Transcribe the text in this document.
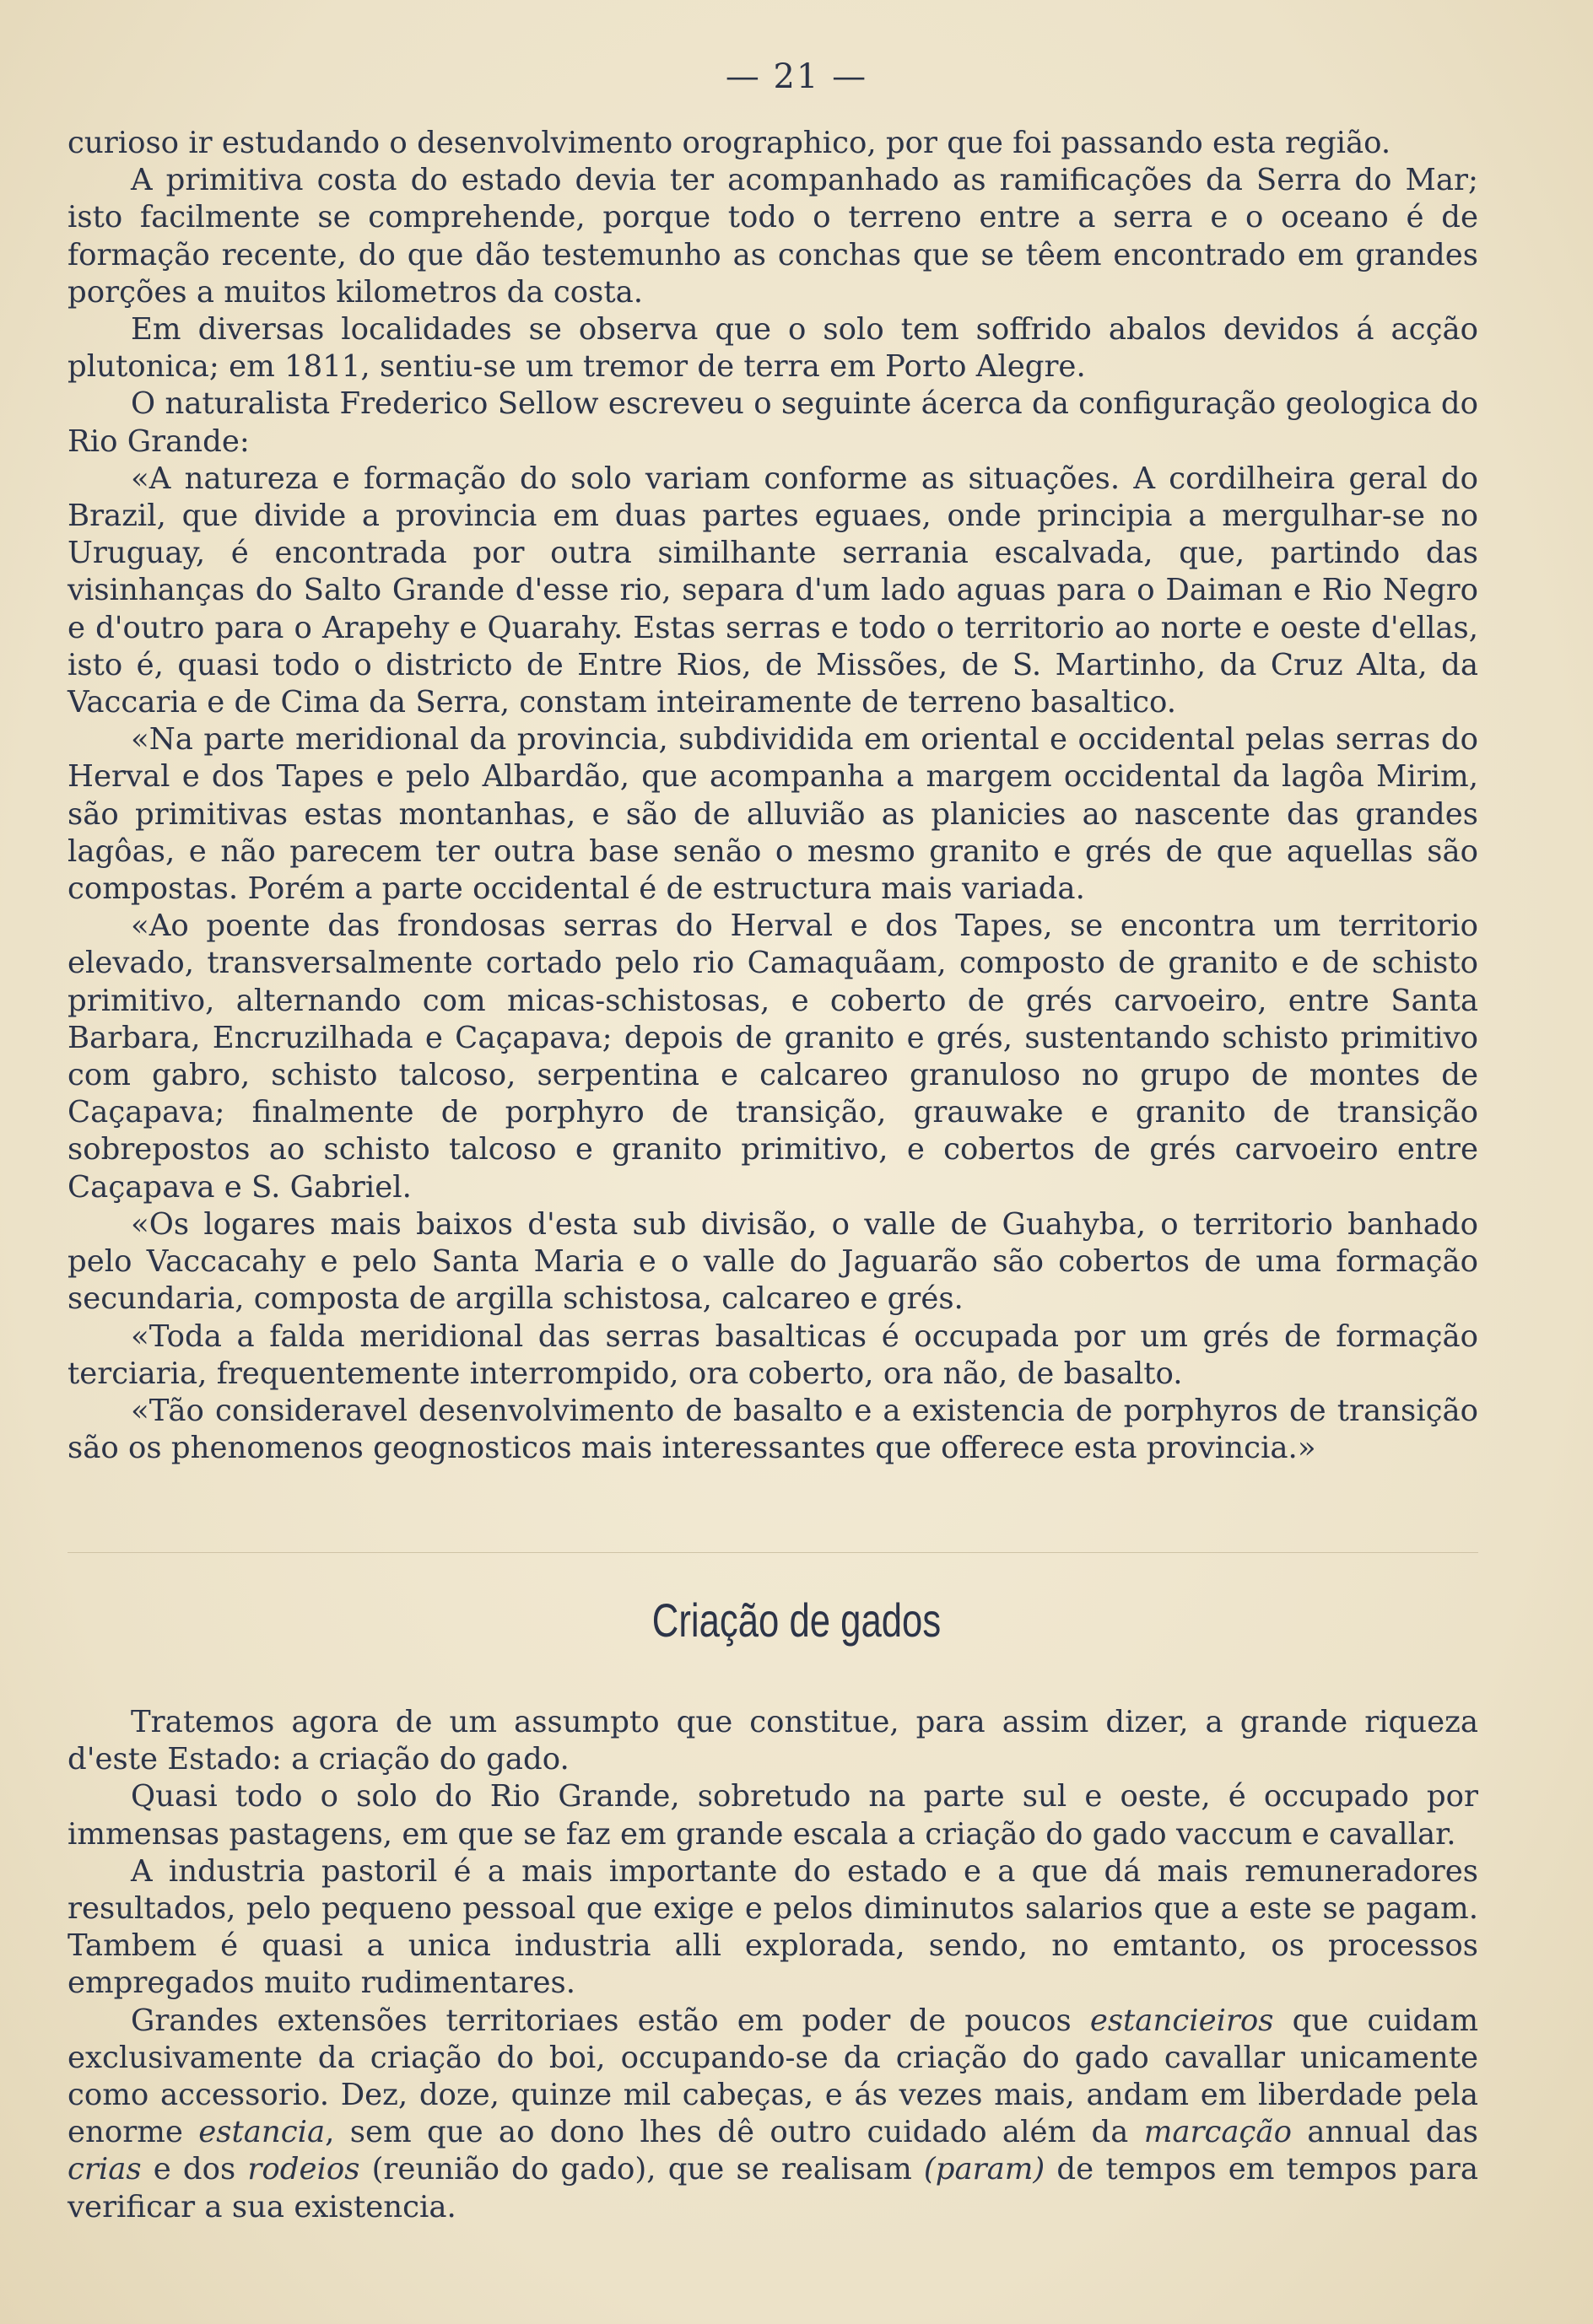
— 21 —

curioso ir estudando o desenvolvimento orographico, por que foi passando esta região.

A primitiva costa do estado devia ter acompanhado as ramificações da Serra do Mar; isto facilmente se comprehende, porque todo o terreno entre a serra e o oceano é de formação recente, do que dão testemunho as conchas que se têem encontrado em grandes porções a muitos kilometros da costa.

Em diversas localidades se observa que o solo tem soffrido abalos devidos á acção plutonica; em 1811, sentiu-se um tremor de terra em Porto Alegre.

O naturalista Frederico Sellow escreveu o seguinte ácerca da configuração geologica do Rio Grande:

«A natureza e formação do solo variam conforme as situações. A cordilheira geral do Brazil, que divide a provincia em duas partes eguaes, onde principia a mergulhar-se no Uruguay, é encontrada por outra similhante serrania escalvada, que, partindo das visinhanças do Salto Grande d'esse rio, separa d'um lado aguas para o Daiman e Rio Negro e d'outro para o Arapehy e Quarahy. Estas serras e todo o territorio ao norte e oeste d'ellas, isto é, quasi todo o districto de Entre Rios, de Missões, de S. Martinho, da Cruz Alta, da Vaccaria e de Cima da Serra, constam inteiramente de terreno basaltico.

«Na parte meridional da provincia, subdividida em oriental e occidental pelas serras do Herval e dos Tapes e pelo Albardão, que acompanha a margem occidental da lagôa Mirim, são primitivas estas montanhas, e são de alluvião as planicies ao nascente das grandes lagôas, e não parecem ter outra base senão o mesmo granito e grés de que aquellas são compostas. Porém a parte occidental é de estructura mais variada.

«Ao poente das frondosas serras do Herval e dos Tapes, se encontra um territorio elevado, transversalmente cortado pelo rio Camaquãam, composto de granito e de schisto primitivo, alternando com micas-schistosas, e coberto de grés carvoeiro, entre Santa Barbara, Encruzilhada e Caçapava; depois de granito e grés, sustentando schisto primitivo com gabro, schisto talcoso, serpentina e calcareo granuloso no grupo de montes de Caçapava; finalmente de porphyro de transição, grauwake e granito de transição sobrepostos ao schisto talcoso e granito primitivo, e cobertos de grés carvoeiro entre Caçapava e S. Gabriel.

«Os logares mais baixos d'esta sub divisão, o valle de Guahyba, o territorio banhado pelo Vaccacahy e pelo Santa Maria e o valle do Jaguarão são cobertos de uma formação secundaria, composta de argilla schistosa, calcareo e grés.

«Toda a falda meridional das serras basalticas é occupada por um grés de formação terciaria, frequentemente interrompido, ora coberto, ora não, de basalto.

«Tão consideravel desenvolvimento de basalto e a existencia de porphyros de transição são os phenomenos geognosticos mais interessantes que offerece esta provincia.»

Criação de gados

Tratemos agora de um assumpto que constitue, para assim dizer, a grande riqueza d'este Estado: a criação do gado.

Quasi todo o solo do Rio Grande, sobretudo na parte sul e oeste, é occupado por immensas pastagens, em que se faz em grande escala a criação do gado vaccum e cavallar.

A industria pastoril é a mais importante do estado e a que dá mais remuneradores resultados, pelo pequeno pessoal que exige e pelos diminutos salarios que a este se pagam. Tambem é quasi a unica industria alli explorada, sendo, no emtanto, os processos empregados muito rudimentares.

Grandes extensões territoriaes estão em poder de poucos estancieiros que cuidam exclusivamente da criação do boi, occupando-se da criação do gado cavallar unicamente como accessorio. Dez, doze, quinze mil cabeças, e ás vezes mais, andam em liberdade pela enorme estancia, sem que ao dono lhes dê outro cuidado além da marcação annual das crias e dos rodeios (reunião do gado), que se realisam (param) de tempos em tempos para verificar a sua existencia.
